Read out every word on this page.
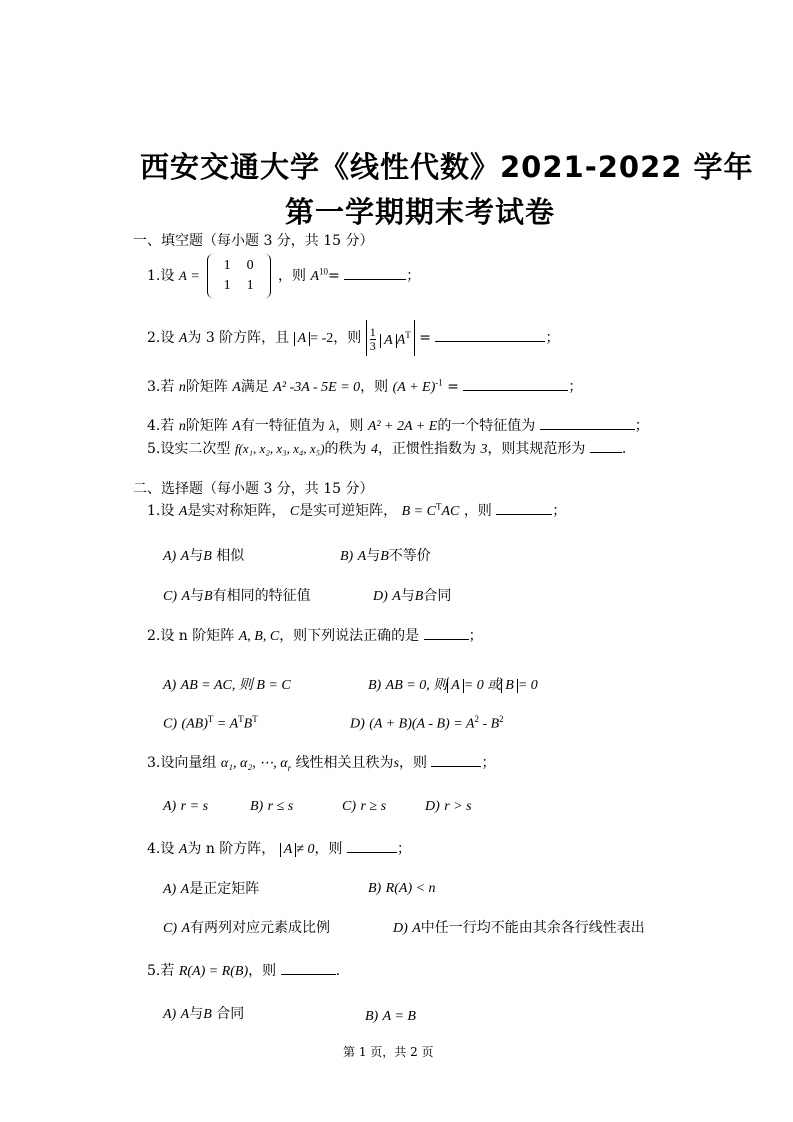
西安交通大学《线性代数》2021-2022 学年
第一学期期末考试卷
一、填空题（每小题 3 分，共 15 分）
1.设 A =
1	0
1	1
，则 $A^{10}=$	；
2.设 A为 3 阶方阵，且 A = -2，则 $\frac{1}{3}$ A $A^T$ =	；
3.若 n阶矩阵 A满足 A² -3A - 5E = 0，则 $(A + E)^{-1}$ =	；
4.若 n阶矩阵 A有一特征值为 λ，则 A² + 2A + E的一个特征值为	；
5.设实二次型 f(x₁, x₂, x₃, x₄, x₅)的秩为 4，正惯性指数为 3，则其规范形为	.
二、选择题（每小题 3 分，共 15 分）
1.设 A是实对称矩阵， C是实可逆矩阵， $B = C^TAC$ ，则	；
A) A与B 相似	B) A与B不等价
C) A与B有相同的特征值	D) A与B合同
2.设 n 阶矩阵 A, B, C，则下列说法正确的是	；
A) AB = AC, 则 B = C	B) AB = 0, 则 A = 0 或 B = 0
C) $(AB)^T = A^TB^T$	D) $(A + B)(A - B) = A^2 - B^2$
3.设向量组 α₁, α₂, ⋯, $\alpha_r$ 线性相关且秩为s，则	；
A) r = s	B) r ≤ s	C) r ≥ s	D) r > s
4.设 A为 n 阶方阵， A ≠ 0，则	；
A) A是正定矩阵	B) R(A) < n
C) A有两列对应元素成比例	D) A中任一行均不能由其余各行线性表出
5.若 R(A) = R(B)，则	.
A) A与B 合同	B) A = B
第 1 页，共 2 页
